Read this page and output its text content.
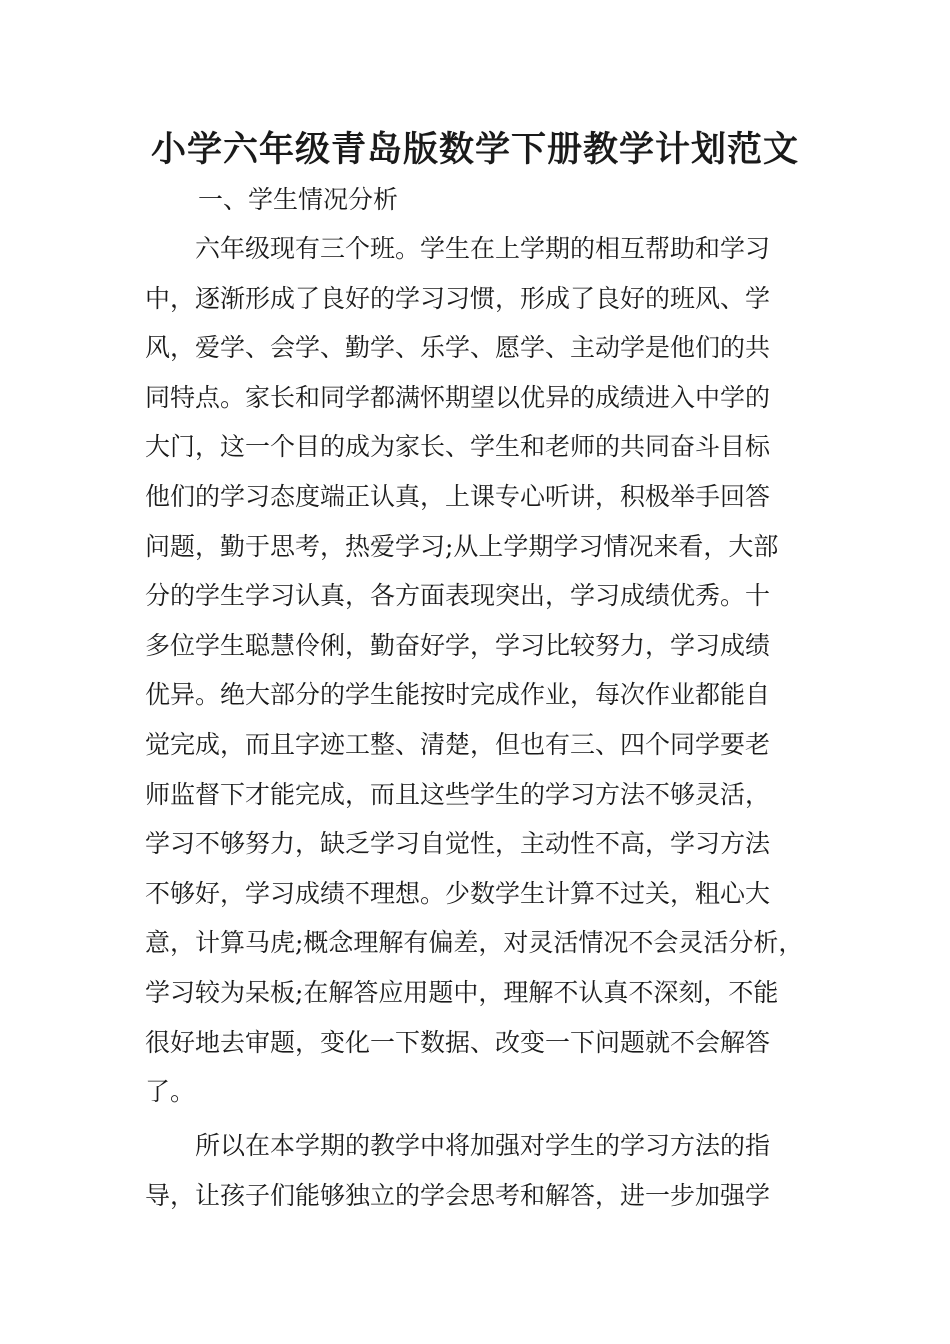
小学六年级青岛版数学下册教学计划范文

一、学生情况分析

　　六年级现有三个班。学生在上学期的相互帮助和学习
中，逐渐形成了良好的学习习惯，形成了良好的班风、学
风，爱学、会学、勤学、乐学、愿学、主动学是他们的共
同特点。家长和同学都满怀期望以优异的成绩进入中学的
大门，这一个目的成为家长、学生和老师的共同奋斗目标
他们的学习态度端正认真，上课专心听讲，积极举手回答
问题，勤于思考，热爱学习;从上学期学习情况来看，大部
分的学生学习认真，各方面表现突出，学习成绩优秀。十
多位学生聪慧伶俐，勤奋好学，学习比较努力，学习成绩
优异。绝大部分的学生能按时完成作业，每次作业都能自
觉完成，而且字迹工整、清楚，但也有三、四个同学要老
师监督下才能完成，而且这些学生的学习方法不够灵活，
学习不够努力，缺乏学习自觉性，主动性不高，学习方法
不够好，学习成绩不理想。少数学生计算不过关，粗心大
意，计算马虎;概念理解有偏差，对灵活情况不会灵活分析，
学习较为呆板;在解答应用题中，理解不认真不深刻，不能
很好地去审题，变化一下数据、改变一下问题就不会解答
了。
　　所以在本学期的教学中将加强对学生的学习方法的指
导，让孩子们能够独立的学会思考和解答，进一步加强学
